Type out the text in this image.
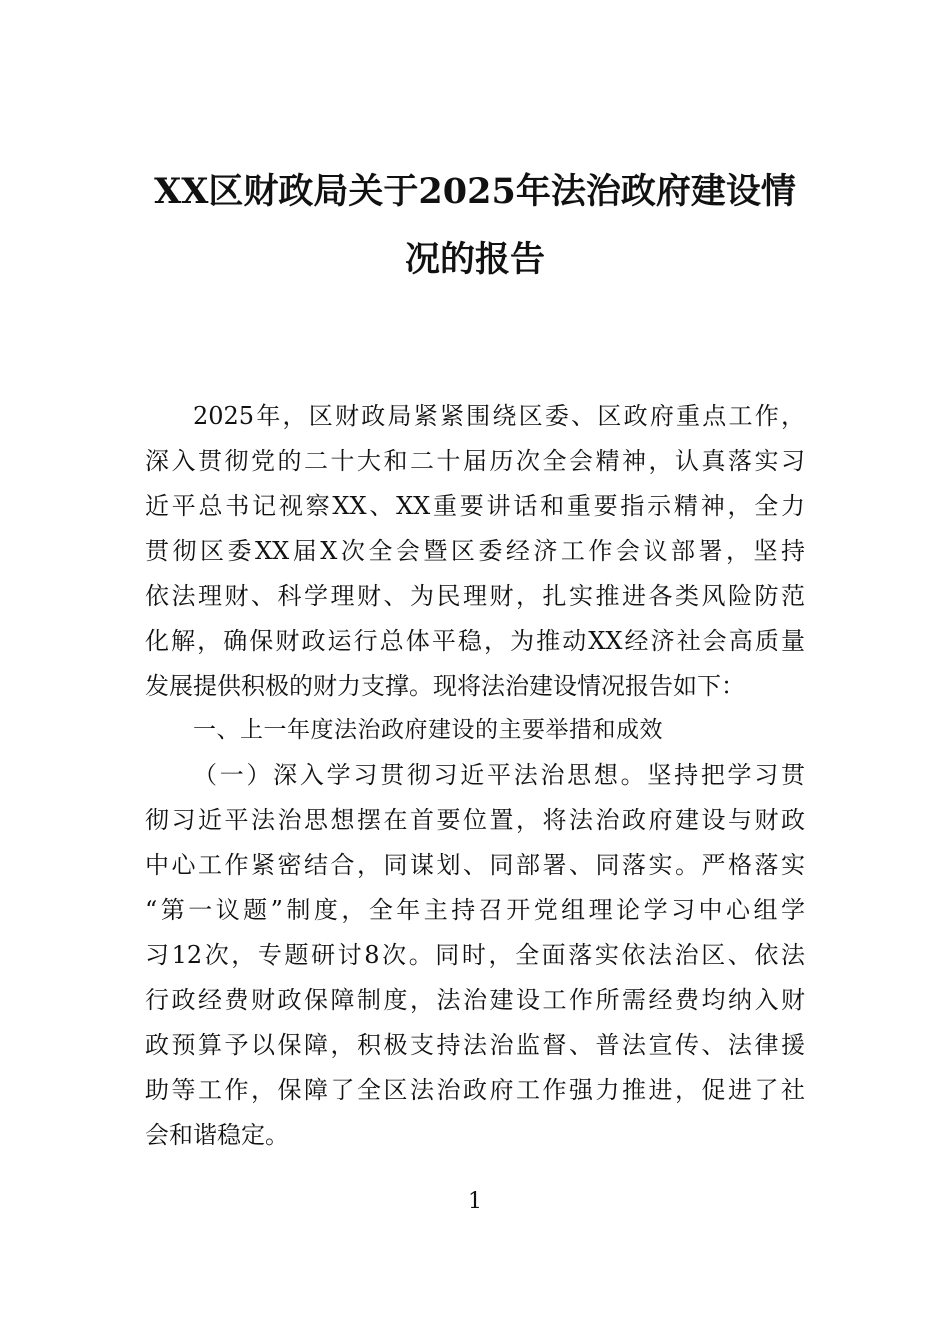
XX区财政局关于2025年法治政府建设情
况的报告

2025年，区财政局紧紧围绕区委、区政府重点工作，

深入贯彻党的二十大和二十届历次全会精神，认真落实习

近平总书记视察XX、XX重要讲话和重要指示精神，全力

贯彻区委XX届X次全会暨区委经济工作会议部署，坚持

依法理财、科学理财、为民理财，扎实推进各类风险防范

化解，确保财政运行总体平稳，为推动XX经济社会高质量

发展提供积极的财力支撑。现将法治建设情况报告如下：

一、上一年度法治政府建设的主要举措和成效

（一）深入学习贯彻习近平法治思想。坚持把学习贯

彻习近平法治思想摆在首要位置，将法治政府建设与财政

中心工作紧密结合，同谋划、同部署、同落实。严格落实

“第一议题”制度，全年主持召开党组理论学习中心组学

习12次，专题研讨8次。同时，全面落实依法治区、依法

行政经费财政保障制度，法治建设工作所需经费均纳入财

政预算予以保障，积极支持法治监督、普法宣传、法律援

助等工作，保障了全区法治政府工作强力推进，促进了社

会和谐稳定。

1
